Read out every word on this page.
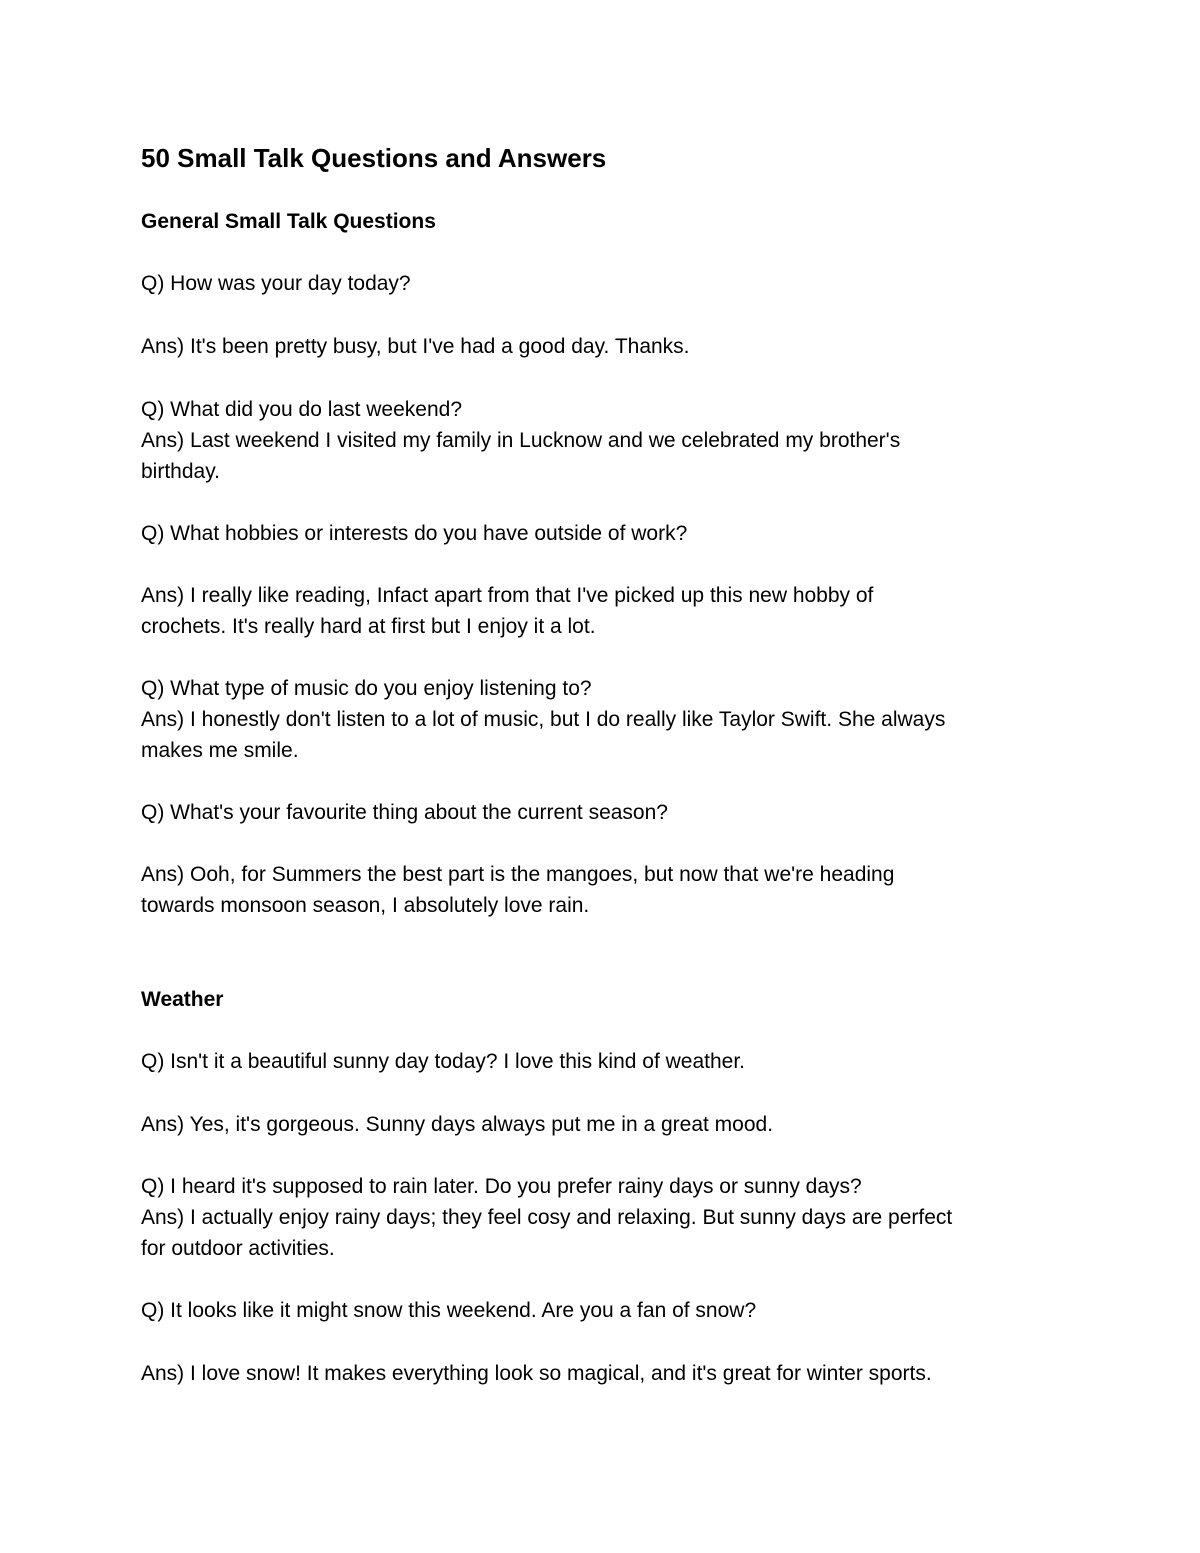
50 Small Talk Questions and Answers
General Small Talk Questions
Q) How was your day today?
Ans) It's been pretty busy, but I've had a good day. Thanks.
Q) What did you do last weekend?
Ans) Last weekend I visited my family in Lucknow and we celebrated my brother's
birthday.
Q) What hobbies or interests do you have outside of work?
Ans) I really like reading, Infact apart from that I've picked up this new hobby of
crochets. It's really hard at first but I enjoy it a lot.
Q) What type of music do you enjoy listening to?
Ans) I honestly don't listen to a lot of music, but I do really like Taylor Swift. She always
makes me smile.
Q) What's your favourite thing about the current season?
Ans) Ooh, for Summers the best part is the mangoes, but now that we're heading
towards monsoon season, I absolutely love rain.
Weather
Q) Isn't it a beautiful sunny day today? I love this kind of weather.
Ans) Yes, it's gorgeous. Sunny days always put me in a great mood.
Q) I heard it's supposed to rain later. Do you prefer rainy days or sunny days?
Ans) I actually enjoy rainy days; they feel cosy and relaxing. But sunny days are perfect
for outdoor activities.
Q) It looks like it might snow this weekend. Are you a fan of snow?
Ans) I love snow! It makes everything look so magical, and it's great for winter sports.
